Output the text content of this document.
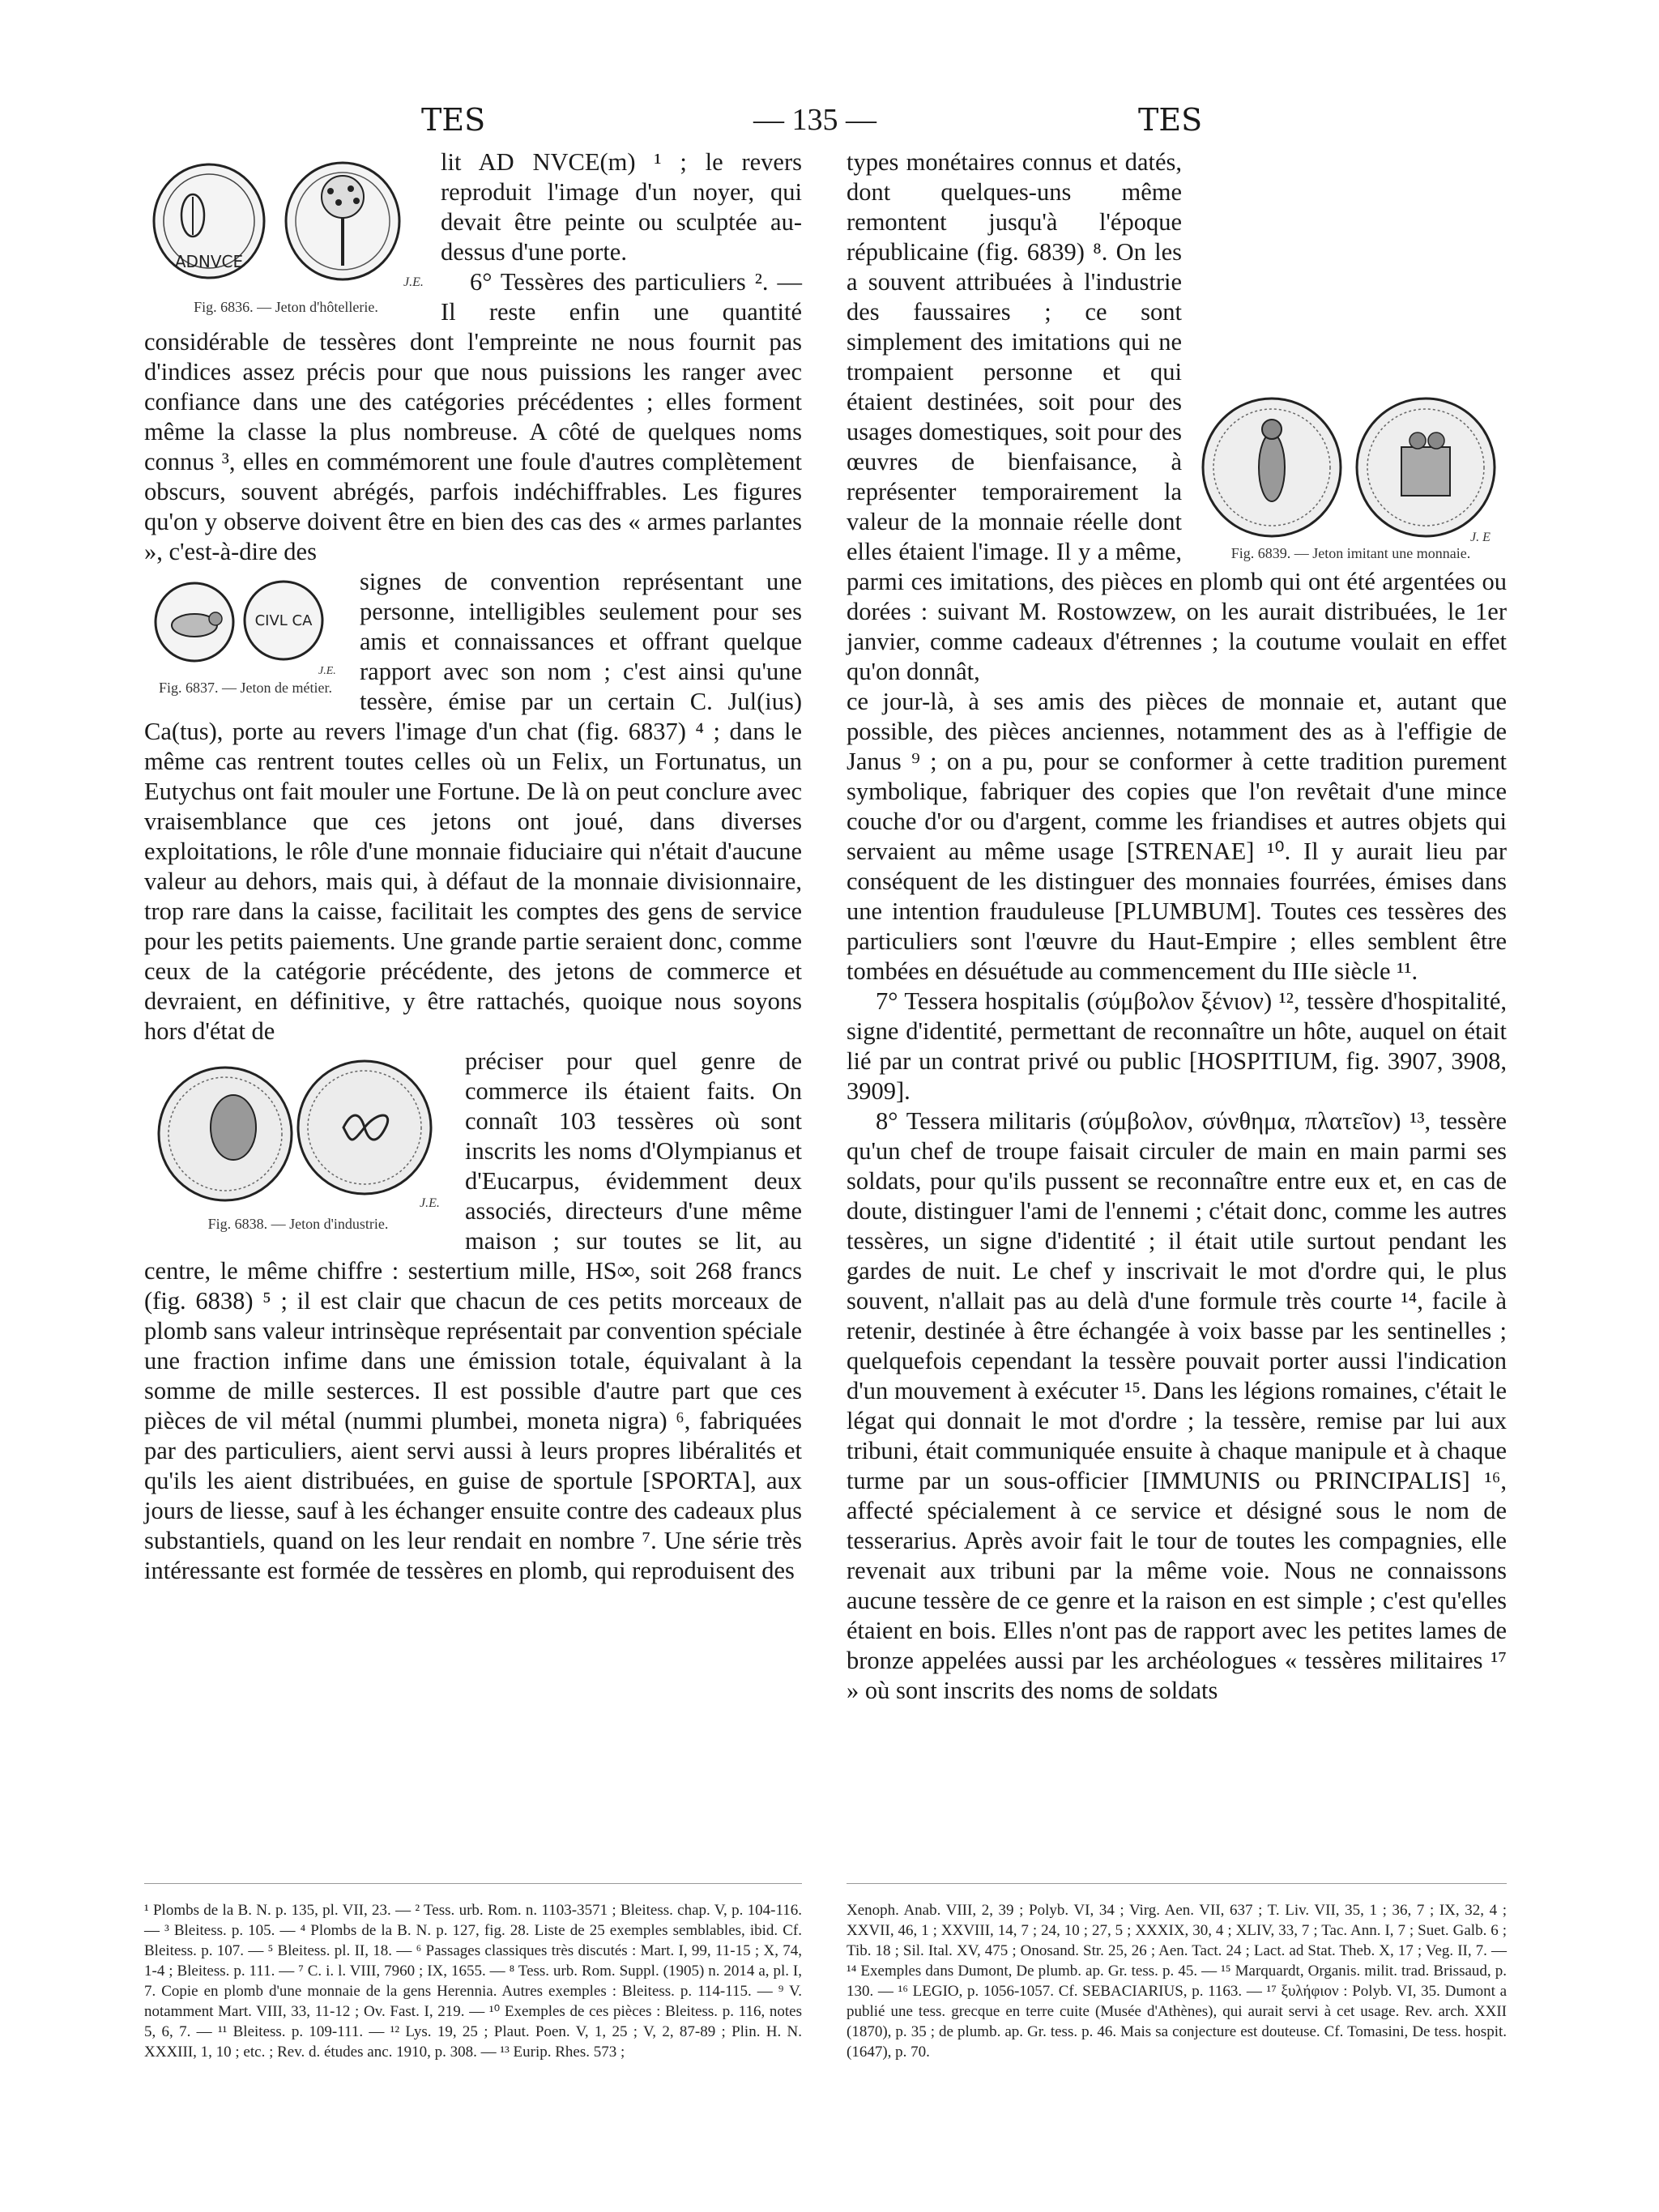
TES	— 135 —	TES
ADNVCE
J.E.
Fig. 6836. — Jeton d'hôtellerie.

lit AD NVCE(m) ¹ ; le revers reproduit l'image d'un noyer, qui devait être peinte ou sculptée au-dessus d'une porte.

6° Tessères des particuliers ². — Il reste enfin une quantité considérable de tessères dont l'empreinte ne nous fournit pas d'indices assez précis pour que nous puissions les ranger avec confiance dans une des catégories précédentes ; elles forment même la classe la plus nombreuse. A côté de quelques noms connus ³, elles en commémorent une foule d'autres complètement obscurs, souvent abrégés, parfois indéchiffrables. Les figures qu'on y observe doivent être en bien des cas des « armes parlantes », c'est-à-dire des

CIVL CA
J.E.
Fig. 6837. — Jeton de métier.

signes de convention représentant une personne, intelligibles seulement pour ses amis et connaissances et offrant quelque rapport avec son nom ; c'est ainsi qu'une tessère, émise par un certain C. Jul(ius) Ca(tus), porte au revers l'image d'un chat (fig. 6837) ⁴ ; dans le même cas rentrent toutes celles où un Felix, un Fortunatus, un Eutychus ont fait mouler une Fortune. De là on peut conclure avec vraisemblance que ces jetons ont joué, dans diverses exploitations, le rôle d'une monnaie fiduciaire qui n'était d'aucune valeur au dehors, mais qui, à défaut de la monnaie divisionnaire, trop rare dans la caisse, facilitait les comptes des gens de service pour les petits paiements. Une grande partie seraient donc, comme ceux de la catégorie précédente, des jetons de commerce et devraient, en définitive, y être rattachés, quoique nous soyons hors d'état de

J.E.
Fig. 6838. — Jeton d'industrie.

préciser pour quel genre de commerce ils étaient faits. On connaît 103 tessères où sont inscrits les noms d'Olympianus et d'Eucarpus, évidemment deux associés, directeurs d'une même maison ; sur toutes se lit, au centre, le même chiffre : sestertium mille, HS∞, soit 268 francs (fig. 6838) ⁵ ; il est clair que chacun de ces petits morceaux de plomb sans valeur intrinsèque représentait par convention spéciale une fraction infime dans une émission totale, équivalant à la somme de mille sesterces. Il est possible d'autre part que ces pièces de vil métal (nummi plumbei, moneta nigra) ⁶, fabriquées par des particuliers, aient servi aussi à leurs propres libéralités et qu'ils les aient distribuées, en guise de sportule [SPORTA], aux jours de liesse, sauf à les échanger ensuite contre des cadeaux plus substantiels, quand on les leur rendait en nombre ⁷. Une série très intéressante est formée de tessères en plomb, qui reproduisent des

J. E
Fig. 6839. — Jeton imitant une monnaie.

types monétaires connus et datés, dont quelques-uns même remontent jusqu'à l'époque républicaine (fig. 6839) ⁸. On les a souvent attribuées à l'industrie des faussaires ; ce sont simplement des imitations qui ne trompaient personne et qui étaient destinées, soit pour des usages domestiques, soit pour des œuvres de bienfaisance, à représenter temporairement la valeur de la monnaie réelle dont elles étaient l'image. Il y a même, parmi ces imitations, des pièces en plomb qui ont été argentées ou dorées : suivant M. Rostowzew, on les aurait distribuées, le 1er janvier, comme cadeaux d'étrennes ; la coutume voulait en effet qu'on donnât,

ce jour-là, à ses amis des pièces de monnaie et, autant que possible, des pièces anciennes, notamment des as à l'effigie de Janus ⁹ ; on a pu, pour se conformer à cette tradition purement symbolique, fabriquer des copies que l'on revêtait d'une mince couche d'or ou d'argent, comme les friandises et autres objets qui servaient au même usage [STRENAE] ¹⁰. Il y aurait lieu par conséquent de les distinguer des monnaies fourrées, émises dans une intention frauduleuse [PLUMBUM]. Toutes ces tessères des particuliers sont l'œuvre du Haut-Empire ; elles semblent être tombées en désuétude au commencement du IIIe siècle ¹¹.

7° Tessera hospitalis (σύμβολον ξένιον) ¹², tessère d'hospitalité, signe d'identité, permettant de reconnaître un hôte, auquel on était lié par un contrat privé ou public [HOSPITIUM, fig. 3907, 3908, 3909].

8° Tessera militaris (σύμβολον, σύνθημα, πλατεῖον) ¹³, tessère qu'un chef de troupe faisait circuler de main en main parmi ses soldats, pour qu'ils pussent se reconnaître entre eux et, en cas de doute, distinguer l'ami de l'ennemi ; c'était donc, comme les autres tessères, un signe d'identité ; il était utile surtout pendant les gardes de nuit. Le chef y inscrivait le mot d'ordre qui, le plus souvent, n'allait pas au delà d'une formule très courte ¹⁴, facile à retenir, destinée à être échangée à voix basse par les sentinelles ; quelquefois cependant la tessère pouvait porter aussi l'indication d'un mouvement à exécuter ¹⁵. Dans les légions romaines, c'était le légat qui donnait le mot d'ordre ; la tessère, remise par lui aux tribuni, était communiquée ensuite à chaque manipule et à chaque turme par un sous-officier [IMMUNIS ou PRINCIPALIS] ¹⁶, affecté spécialement à ce service et désigné sous le nom de tesserarius. Après avoir fait le tour de toutes les compagnies, elle revenait aux tribuni par la même voie. Nous ne connaissons aucune tessère de ce genre et la raison en est simple ; c'est qu'elles étaient en bois. Elles n'ont pas de rapport avec les petites lames de bronze appelées aussi par les archéologues « tessères militaires ¹⁷ » où sont inscrits des noms de soldats

¹ Plombs de la B. N. p. 135, pl. VII, 23. — ² Tess. urb. Rom. n. 1103-3571 ; Bleitess. chap. V, p. 104-116. — ³ Bleitess. p. 105. — ⁴ Plombs de la B. N. p. 127, fig. 28. Liste de 25 exemples semblables, ibid. Cf. Bleitess. p. 107. — ⁵ Bleitess. pl. II, 18. — ⁶ Passages classiques très discutés : Mart. I, 99, 11-15 ; X, 74, 1-4 ; Bleitess. p. 111. — ⁷ C. i. l. VIII, 7960 ; IX, 1655. — ⁸ Tess. urb. Rom. Suppl. (1905) n. 2014 a, pl. I, 7. Copie en plomb d'une monnaie de la gens Herennia. Autres exemples : Bleitess. p. 114-115. — ⁹ V. notamment Mart. VIII, 33, 11-12 ; Ov. Fast. I, 219. — ¹⁰ Exemples de ces pièces : Bleitess. p. 116, notes 5, 6, 7. — ¹¹ Bleitess. p. 109-111. — ¹² Lys. 19, 25 ; Plaut. Poen. V, 1, 25 ; V, 2, 87-89 ; Plin. H. N. XXXIII, 1, 10 ; etc. ; Rev. d. études anc. 1910, p. 308. — ¹³ Eurip. Rhes. 573 ;
Xenoph. Anab. VIII, 2, 39 ; Polyb. VI, 34 ; Virg. Aen. VII, 637 ; T. Liv. VII, 35, 1 ; 36, 7 ; IX, 32, 4 ; XXVII, 46, 1 ; XXVIII, 14, 7 ; 24, 10 ; 27, 5 ; XXXIX, 30, 4 ; XLIV, 33, 7 ; Tac. Ann. I, 7 ; Suet. Galb. 6 ; Tib. 18 ; Sil. Ital. XV, 475 ; Onosand. Str. 25, 26 ; Aen. Tact. 24 ; Lact. ad Stat. Theb. X, 17 ; Veg. II, 7. — ¹⁴ Exemples dans Dumont, De plumb. ap. Gr. tess. p. 45. — ¹⁵ Marquardt, Organis. milit. trad. Brissaud, p. 130. — ¹⁶ LEGIO, p. 1056-1057. Cf. SEBACIARIUS, p. 1163. — ¹⁷ ξυλήφιον : Polyb. VI, 35. Dumont a publié une tess. grecque en terre cuite (Musée d'Athènes), qui aurait servi à cet usage. Rev. arch. XXII (1870), p. 35 ; de plumb. ap. Gr. tess. p. 46. Mais sa conjecture est douteuse. Cf. Tomasini, De tess. hospit. (1647), p. 70.
